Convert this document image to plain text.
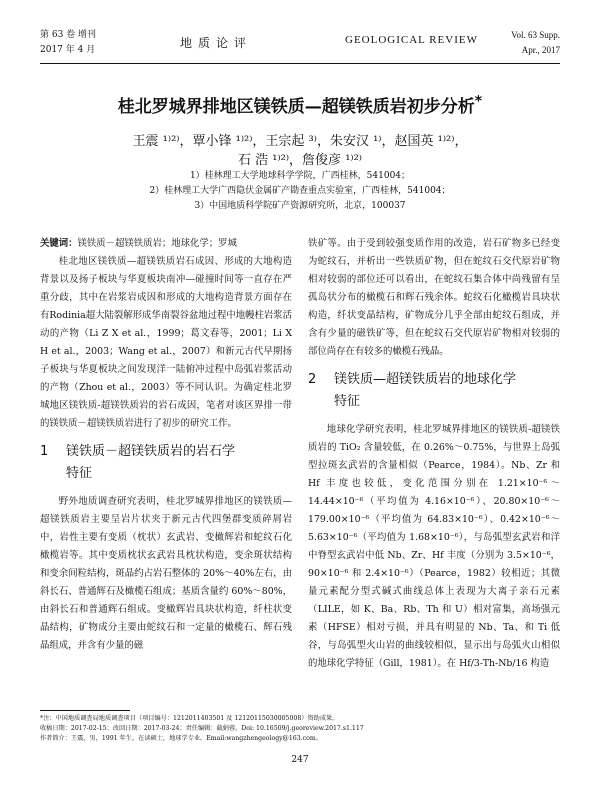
第 63 卷 增刊
2017 年 4 月	地质论评	GEOLOGICAL REVIEW	Vol. 63 Supp.
Apr., 2017
桂北罗城界排地区镁铁质—超镁铁质岩初步分析*
王震 ¹⁾²⁾，覃小锋 ¹⁾²⁾，王宗起 ³⁾，朱安汉 ¹⁾，赵国英 ¹⁾²⁾，
石 浩 ¹⁾²⁾，詹俊彦 ¹⁾²⁾
1）桂林理工大学地球科学学院，广西桂林，541004；
2）桂林理工大学广西隐伏金属矿产勘查重点实验室，广西桂林，541004；
3）中国地质科学院矿产资源研究所，北京，100037

关键词：镁铁质－超镁铁质岩；地球化学；罗城

桂北地区镁铁质—超镁铁质岩石成因、形成的大地构造背景以及扬子板块与华夏板块南冲—碰撞时间等一直存在严重分歧，其中在岩浆岩成因和形成的大地构造背景方面存在有Rodinia超大陆裂解形成华南裂谷盆地过程中地幔柱岩浆活动的产物（Li Z X et al.，1999；葛文春等，2001；Li X H et al.，2003；Wang et al.，2007）和新元古代早期扬子板块与华夏板块之间发现洋一陆俯冲过程中岛弧岩浆活动的产物（Zhou et al.，2003）等不同认识。为确定桂北罗城地区镁铁质-超镁铁质岩的岩石成因，笔者对该区界排一带的镁铁质－超镁铁质岩进行了初步的研究工作。

1 镁铁质－超镁铁质岩的岩石学
特征

野外地质调查研究表明，桂北罗城界排地区的镁铁质—超镁铁质岩主要呈岩片状夹于新元古代四堡群变质碎屑岩中，岩性主要有变质（枕状）玄武岩、变橄辉岩和蛇纹石化橄榄岩等。其中变质枕状玄武岩具枕状构造，变余斑状结构和变余间粒结构，斑晶约占岩石整体的 20%～40%左右，由斜长石、普通辉石及橄榄石组成；基质含量约 60%～80%，由斜长石和普通辉石组成。变橄辉岩具块状构造，纤柱状变晶结构，矿物成分主要由蛇纹石和一定量的橄榄石、辉石残晶组成，并含有少量的磁

铁矿等。由于受到较强变质作用的改造，岩石矿物多已经变为蛇纹石，并析出一些铁质矿物，但在蛇纹石交代原岩矿物相对较弱的部位还可以看出，在蛇纹石集合体中尚残留有呈孤岛状分布的橄榄石和辉石残余体。蛇纹石化橄榄岩具块状构造，纤状变晶结构，矿物成分几乎全部由蛇纹石组成，并含有少量的磁铁矿等，但在蛇纹石交代原岩矿物相对较弱的部位尚存在有较多的橄榄石残晶。

2 镁铁质—超镁铁质岩的地球化学
特征

地球化学研究表明，桂北罗城界排地区的镁铁质-超镁铁质岩的 TiO₂ 含量较低，在 0.26%～0.75%，与世界上岛弧型拉斑玄武岩的含量相似（Pearce，1984）。Nb、Zr 和 Hf 丰度也较低，变化范围分别在 1.21×10⁻⁶～14.44×10⁻⁶（平均值为 4.16×10⁻⁶）、20.80×10⁻⁶～179.00×10⁻⁶（平均值为 64.83×10⁻⁶）、0.42×10⁻⁶～5.63×10⁻⁶（平均值为 1.68×10⁻⁶），与岛弧型玄武岩和洋中脊型玄武岩中低 Nb、Zr、Hf 丰度（分别为 3.5×10⁻⁶，90×10⁻⁶ 和 2.4×10⁻⁶）（Pearce，1982）较相近；其微量元素配分型式碱式曲线总体上表现为大离子亲石元素（LILE，如 K、Ba、Rb、Th 和 U）相对富集，高场强元素（HFSE）相对亏损，并具有明显的 Nb、Ta、和 Ti 低谷，与岛弧型火山岩的曲线较相似，显示出与岛弧火山相似的地球化学特征（Gill，1981）。在 Hf/3-Th-Nb/16 构造

*注：中国地质调查局地质调查项目（项目编号：1212011403501 及 12120115030005008）资助成果。

收稿日期：2017-02-15；改回日期：2017-03-24；责任编辑：截娟蓉。Doi: 10.16509/j.georeview.2017.s1.117

作者简介：王震，男，1991 年生，在读硕士，地球学专业。Email:wangzhengeology@163.com。

247
